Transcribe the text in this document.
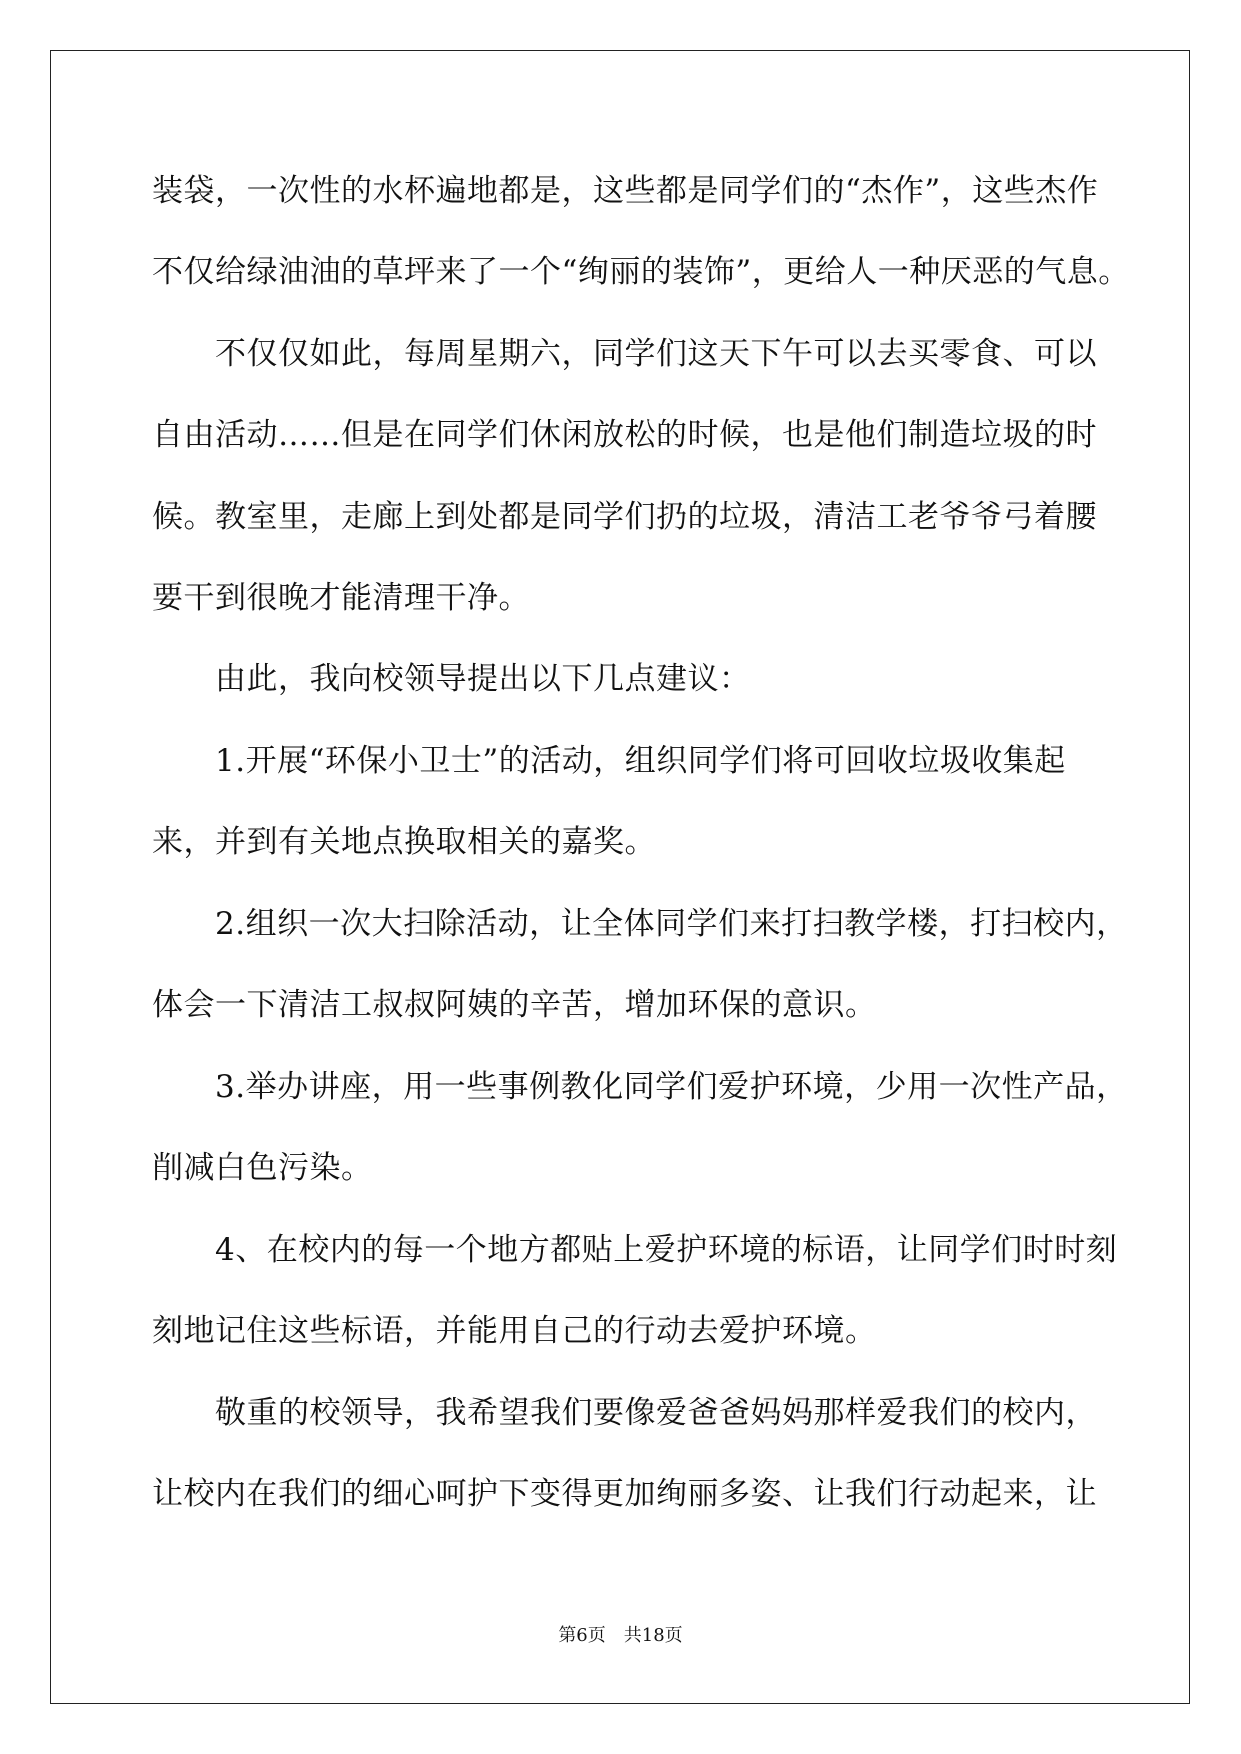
装袋，一次性的水杯遍地都是，这些都是同学们的“杰作”，这些杰作
不仅给绿油油的草坪来了一个“绚丽的装饰”，更给人一种厌恶的气息。
不仅仅如此，每周星期六，同学们这天下午可以去买零食、可以
自由活动……但是在同学们休闲放松的时候，也是他们制造垃圾的时
候。教室里，走廊上到处都是同学们扔的垃圾，清洁工老爷爷弓着腰
要干到很晚才能清理干净。
由此，我向校领导提出以下几点建议：
1.开展“环保小卫士”的活动，组织同学们将可回收垃圾收集起
来，并到有关地点换取相关的嘉奖。
2.组织一次大扫除活动，让全体同学们来打扫教学楼，打扫校内，
体会一下清洁工叔叔阿姨的辛苦，增加环保的意识。
3.举办讲座，用一些事例教化同学们爱护环境，少用一次性产品，
削减白色污染。
4、在校内的每一个地方都贴上爱护环境的标语，让同学们时时刻
刻地记住这些标语，并能用自己的行动去爱护环境。
敬重的校领导，我希望我们要像爱爸爸妈妈那样爱我们的校内，
让校内在我们的细心呵护下变得更加绚丽多姿、让我们行动起来，让
第6页　共18页
